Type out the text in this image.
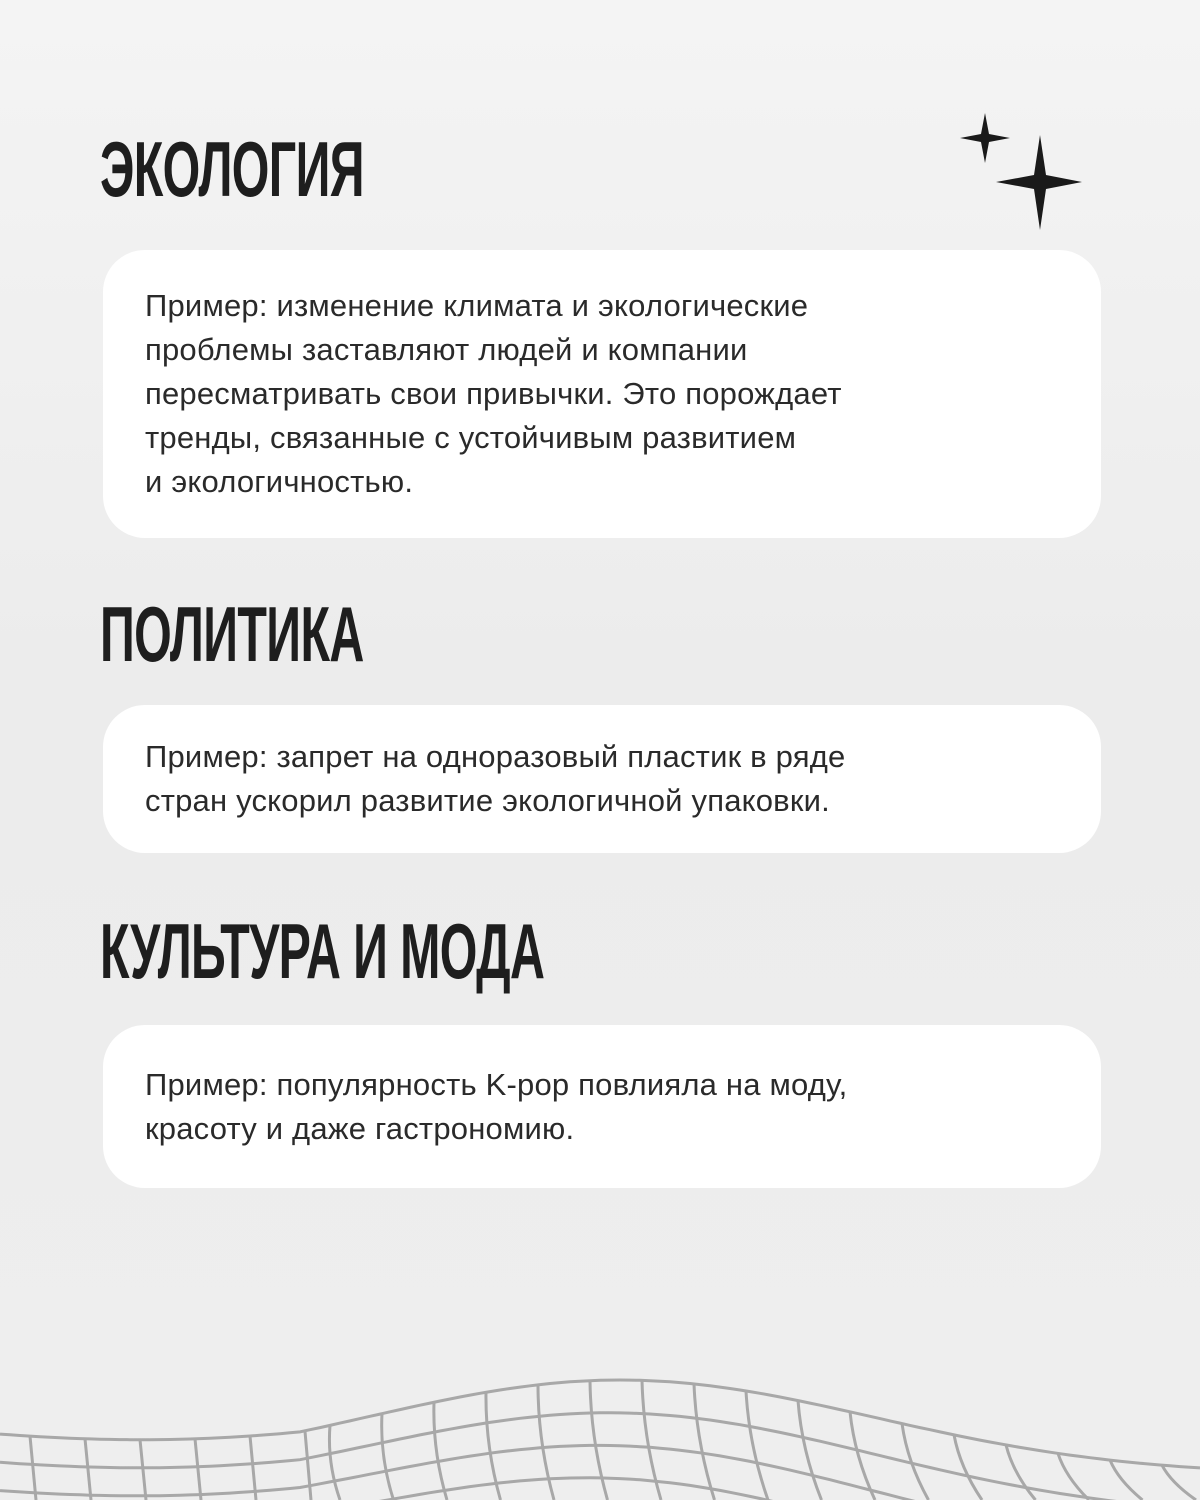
ЭКОЛОГИЯ

Пример: изменение климата и экологические
проблемы заставляют людей и компании
пересматривать свои привычки. Это порождает
тренды, связанные с устойчивым развитием
и экологичностью.

ПОЛИТИКА

Пример: запрет на одноразовый пластик в ряде
стран ускорил развитие экологичной упаковки.

КУЛЬТУРА И МОДА

Пример: популярность K-pop повлияла на моду,
красоту и даже гастрономию.
